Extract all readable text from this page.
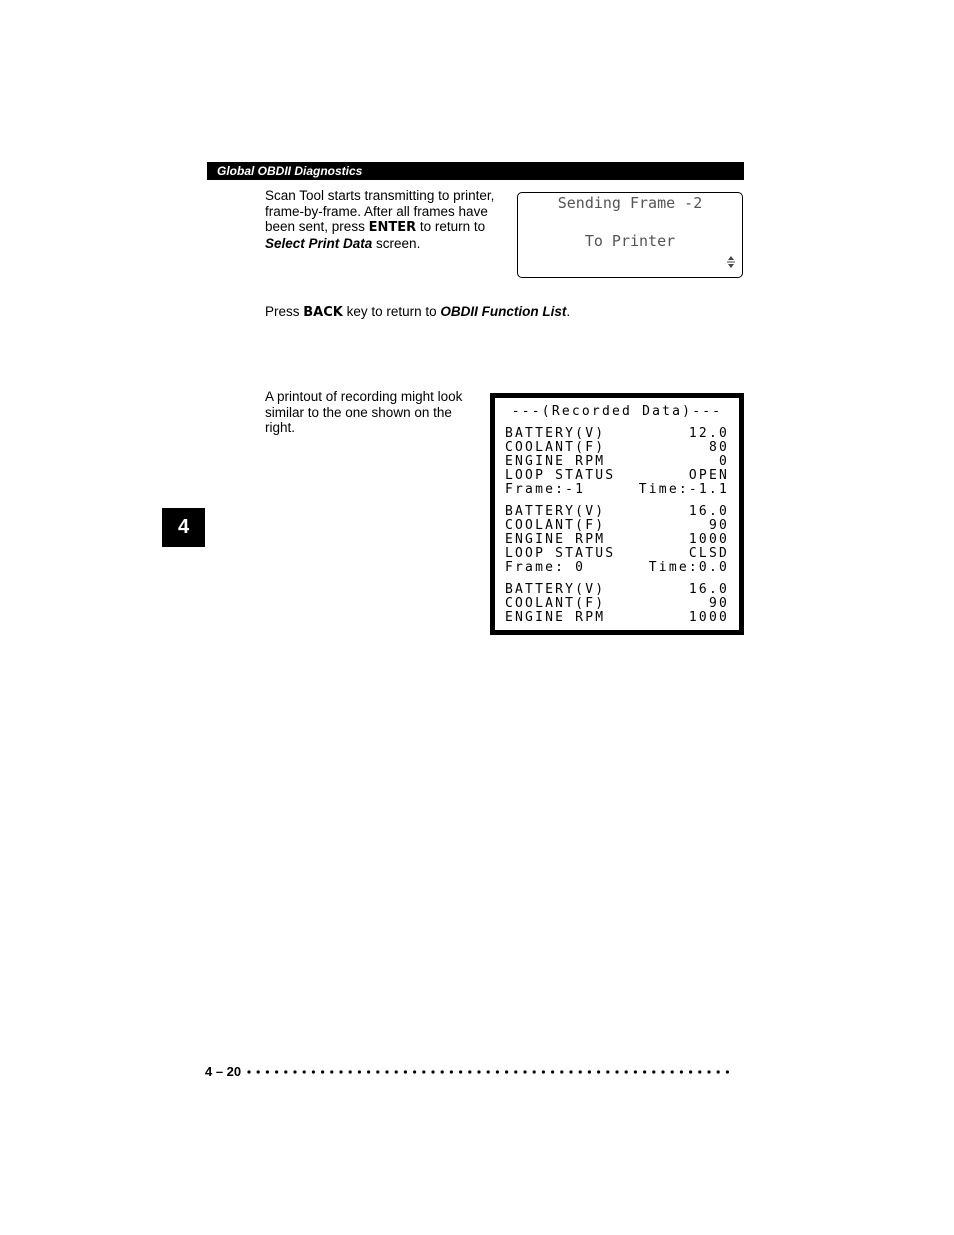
Global OBDII Diagnostics
Scan Tool starts transmitting to printer, frame-by-frame. After all frames have been sent, press ENTER to return to Select Print Data screen.
Sending Frame -2
To Printer
Press BACK key to return to OBDII Function List.
A printout of recording might look similar to the one shown on the right.
---(Recorded Data)---
BATTERY(V)	12.0
COOLANT(F)	80
ENGINE RPM	0
LOOP STATUS	OPEN
Frame:-1	Time:-1.1
BATTERY(V)	16.0
COOLANT(F)	90
ENGINE RPM	1000
LOOP STATUS	CLSD
Frame: 0	Time:0.0
BATTERY(V)	16.0
COOLANT(F)	90
ENGINE RPM	1000
4
4 – 20
